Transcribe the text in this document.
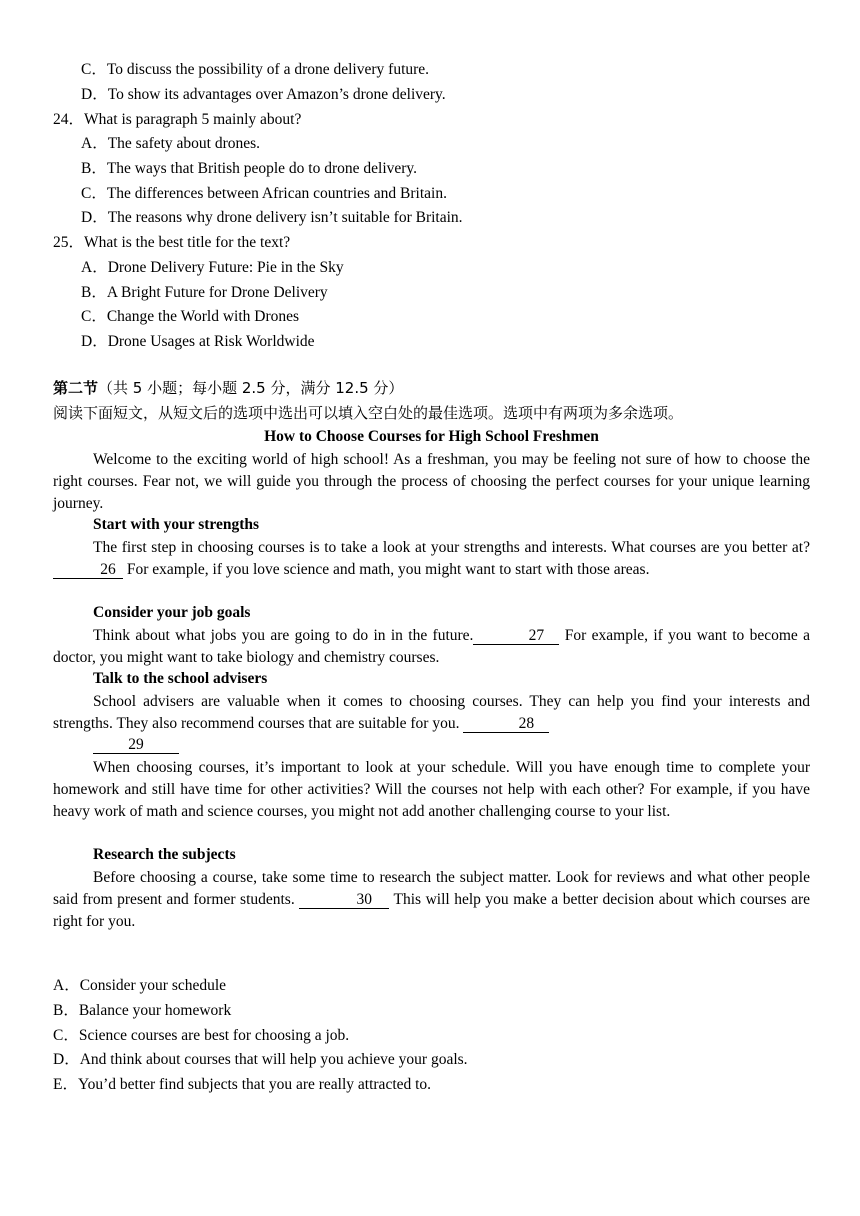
C．To discuss the possibility of a drone delivery future.
D．To show its advantages over Amazon’s drone delivery.
24．What is paragraph 5 mainly about?
A．The safety about drones.
B．The ways that British people do to drone delivery.
C．The differences between African countries and Britain.
D．The reasons why drone delivery isn’t suitable for Britain.
25．What is the best title for the text?
A．Drone Delivery Future: Pie in the Sky
B．A Bright Future for Drone Delivery
C．Change the World with Drones
D．Drone Usages at Risk Worldwide
第二节（共 5 小题；每小题 2.5 分，满分 12.5 分）
阅读下面短文，从短文后的选项中选出可以填入空白处的最佳选项。选项中有两项为多余选项。
How to Choose Courses for High School Freshmen

Welcome to the exciting world of high school! As a freshman, you may be feeling not sure of how to choose the right courses. Fear not, we will guide you through the process of choosing the perfect courses for your unique learning journey.

Start with your strengths

The first step in choosing courses is to take a look at your strengths and interests. What courses are you better at? 26 For example, if you love science and math, you might want to start with those areas.

Consider your job goals

Think about what jobs you are going to do in in the future.	27 For example, if you want to become a doctor, you might want to take biology and chemistry courses.

Talk to the school advisers

School advisers are valuable when it comes to choosing courses. They can help you find your interests and strengths. They also recommend courses that are suitable for you.	28

29

When choosing courses, it’s important to look at your schedule. Will you have enough time to complete your homework and still have time for other activities? Will the courses not help with each other? For example, if you have heavy work of math and science courses, you might not add another challenging course to your list.

Research the subjects

Before choosing a course, take some time to research the subject matter. Look for reviews and what other people said from present and former students.	30 This will help you make a better decision about which courses are right for you.

A．Consider your schedule
B．Balance your homework
C．Science courses are best for choosing a job.
D．And think about courses that will help you achieve your goals.
E．You’d better find subjects that you are really attracted to.
